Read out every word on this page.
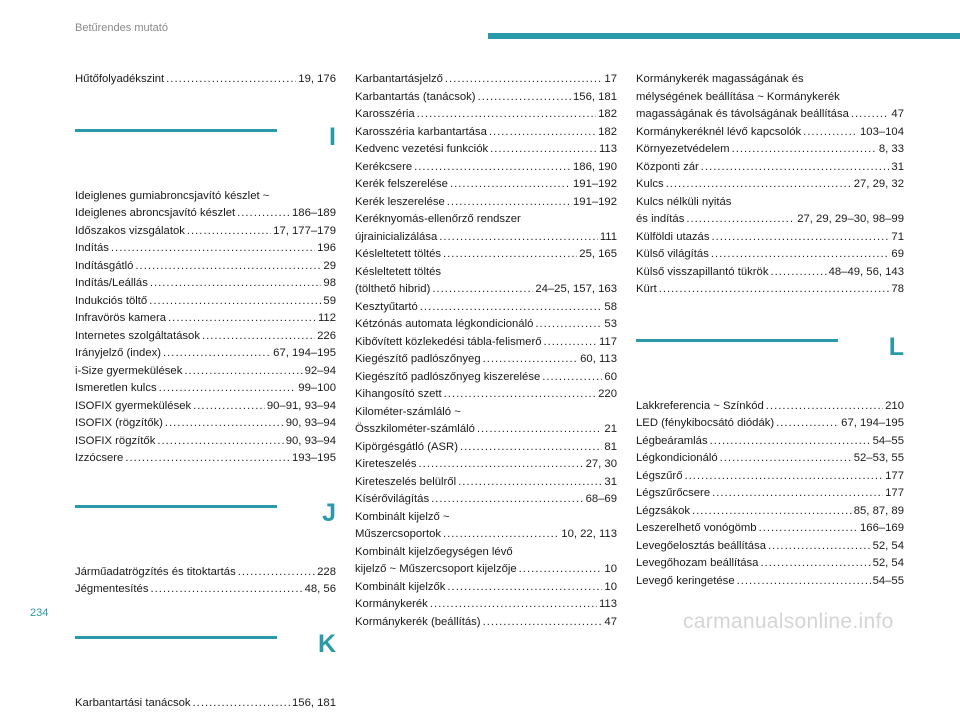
Betűrendes mutató
Hűtőfolyadékszint .....	19, 176
I
Ideiglenes gumiabroncsjavító készlet ~
Ideiglenes abroncsjavító készlet .....	186–189
Időszakos vizsgálatok .....	17, 177–179
Indítás .....	196
Indításgátló .....	29
Indítás/Leállás .....	98
Indukciós töltő .....	59
Infravörös kamera .....	112
Internetes szolgáltatások .....	226
Irányjelző (index) .....	67, 194–195
i-Size gyermekülések .....	92–94
Ismeretlen kulcs .....	99–100
ISOFIX gyermekülések .....	90–91, 93–94
ISOFIX (rögzítők) .....	90, 93–94
ISOFIX rögzítők .....	90, 93–94
Izzócsere .....	193–195
J
Járműadatrögzítés és titoktartás .....	228
Jégmentesítés .....	48, 56
K
Karbantartási tanácsok .....	156, 181
Karbantartásjelző .....	17
Karbantartás (tanácsok) .....	156, 181
Karosszéria .....	182
Karosszéria karbantartása .....	182
Kedvenc vezetési funkciók .....	113
Kerékcsere .....	186, 190
Kerék felszerelése .....	191–192
Kerék leszerelése .....	191–192
Keréknyomás-ellenőrző rendszer
újrainicializálása .....	111
Késleltetett töltés .....	25, 165
Késleltetett töltés
(tölthető hibrid) .....	24–25, 157, 163
Kesztyűtartó .....	58
Kétzónás automata légkondicionáló .....	53
Kibővített közlekedési tábla-felismerő .....	117
Kiegészítő padlószőnyeg .....	60, 113
Kiegészítő padlószőnyeg kiszerelése .....	60
Kihangosító szett .....	220
Kilométer-számláló ~
Összkilométer-számláló .....	21
Kipörgésgátló (ASR) .....	81
Kireteszelés .....	27, 30
Kireteszelés belülről .....	31
Kísérővilágítás .....	68–69
Kombinált kijelző ~
Műszercsoportok .....	10, 22, 113
Kombinált kijelzőegységen lévő
kijelző ~ Műszercsoport kijelzője .....	10
Kombinált kijelzők .....	10
Kormánykerék .....	113
Kormánykerék (beállítás) .....	47
Kormánykerék magasságának és
mélységének beállítása ~ Kormánykerék
magasságának és távolságának beállítása .....	47
Kormánykeréknél lévő kapcsolók .....	103–104
Környezetvédelem .....	8, 33
Központi zár .....	31
Kulcs .....	27, 29, 32
Kulcs nélküli nyitás
és indítás .....	27, 29, 29–30, 98–99
Külföldi utazás .....	71
Külső világítás .....	69
Külső visszapillantó tükrök .....	48–49, 56, 143
Kürt .....	78
L
Lakkreferencia ~ Színkód .....	210
LED (fénykibocsátó diódák) .....	67, 194–195
Légbeáramlás .....	54–55
Légkondicionáló .....	52–53, 55
Légszűrő .....	177
Légszűrőcsere .....	177
Légzsákok .....	85, 87, 89
Leszerelhető vonógömb .....	166–169
Levegőelosztás beállítása .....	52, 54
Levegőhozam beállítása .....	52, 54
Levegő keringetése .....	54–55
234	carmanualsonline.info
